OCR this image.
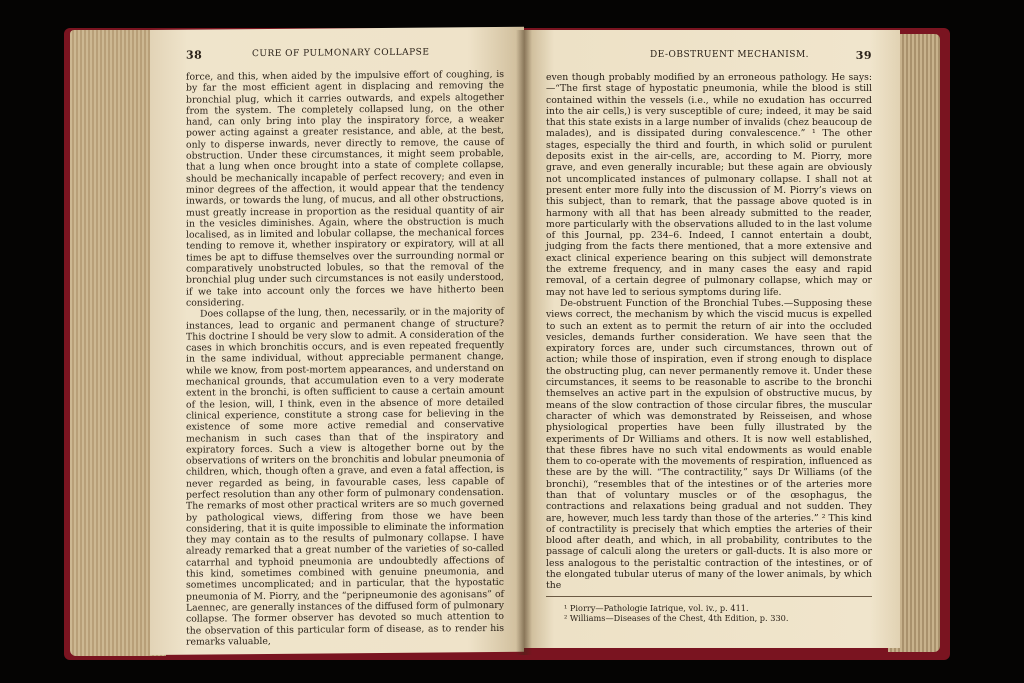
38	CURE OF PULMONARY COLLAPSE

force, and this, when aided by the impulsive effort of coughing, is by far the most efficient agent in displacing and removing the bronchial plug, which it carries outwards, and expels altogether from the system. The completely collapsed lung, on the other hand, can only bring into play the inspiratory force, a weaker power acting against a greater resistance, and able, at the best, only to disperse inwards, never directly to remove, the cause of obstruction. Under these circumstances, it might seem probable, that a lung when once brought into a state of complete collapse, should be mechanically incapable of perfect recovery; and even in minor degrees of the affection, it would appear that the tendency inwards, or towards the lung, of mucus, and all other obstructions, must greatly increase in proportion as the residual quantity of air in the vesicles diminishes. Again, where the obstruction is much localised, as in limited and lobular collapse, the mechanical forces tending to remove it, whether inspiratory or expiratory, will at all times be apt to diffuse themselves over the surrounding normal or comparatively unobstructed lobules, so that the removal of the bronchial plug under such circumstances is not easily understood, if we take into account only the forces we have hitherto been considering.

Does collapse of the lung, then, necessarily, or in the majority of instances, lead to organic and permanent change of structure? This doctrine I should be very slow to admit. A consideration of the cases in which bronchitis occurs, and is even repeated frequently in the same individual, without appreciable permanent change, while we know, from post-mortem appearances, and understand on mechanical grounds, that accumulation even to a very moderate extent in the bronchi, is often sufficient to cause a certain amount of the lesion, will, I think, even in the absence of more detailed clinical experience, constitute a strong case for believing in the existence of some more active remedial and conservative mechanism in such cases than that of the inspiratory and expiratory forces. Such a view is altogether borne out by the observations of writers on the bronchitis and lobular pneumonia of children, which, though often a grave, and even a fatal affection, is never regarded as being, in favourable cases, less capable of perfect resolution than any other form of pulmonary condensation. The remarks of most other practical writers are so much governed by pathological views, differing from those we have been considering, that it is quite impossible to eliminate the information they may contain as to the results of pulmonary collapse. I have already remarked that a great number of the varieties of so-called catarrhal and typhoid pneumonia are undoubtedly affections of this kind, sometimes combined with genuine pneumonia, and sometimes uncomplicated; and in particular, that the hypostatic pneumonia of M. Piorry, and the “peripneumonie des agonisans” of Laennec, are generally instances of the diffused form of pulmonary collapse. The former observer has devoted so much attention to the observation of this particular form of disease, as to render his remarks valuable,

DE-OBSTRUENT MECHANISM.	39

even though probably modified by an erroneous pathology. He says:—“The first stage of hypostatic pneumonia, while the blood is still contained within the vessels (i.e., while no exudation has occurred into the air cells,) is very susceptible of cure; indeed, it may be said that this state exists in a large number of invalids (chez beaucoup de malades), and is dissipated during convalescence.” ¹ The other stages, especially the third and fourth, in which solid or purulent deposits exist in the air-cells, are, according to M. Piorry, more grave, and even generally incurable; but these again are obviously not uncomplicated instances of pulmonary collapse. I shall not at present enter more fully into the discussion of M. Piorry’s views on this subject, than to remark, that the passage above quoted is in harmony with all that has been already submitted to the reader, more particularly with the observations alluded to in the last volume of this Journal, pp. 234–6. Indeed, I cannot entertain a doubt, judging from the facts there mentioned, that a more extensive and exact clinical experience bearing on this subject will demonstrate the extreme frequency, and in many cases the easy and rapid removal, of a certain degree of pulmonary collapse, which may or may not have led to serious symptoms during life.

De-obstruent Function of the Bronchial Tubes.—Supposing these views correct, the mechanism by which the viscid mucus is expelled to such an extent as to permit the return of air into the occluded vesicles, demands further consideration. We have seen that the expiratory forces are, under such circumstances, thrown out of action; while those of inspiration, even if strong enough to displace the obstructing plug, can never permanently remove it. Under these circumstances, it seems to be reasonable to ascribe to the bronchi themselves an active part in the expulsion of obstructive mucus, by means of the slow contraction of those circular fibres, the muscular character of which was demonstrated by Reisseisen, and whose physiological properties have been fully illustrated by the experiments of Dr Williams and others. It is now well established, that these fibres have no such vital endowments as would enable them to co-operate with the movements of respiration, influenced as these are by the will. “The contractility,” says Dr Williams (of the bronchi), “resembles that of the intestines or of the arteries more than that of voluntary muscles or of the œsophagus, the contractions and relaxations being gradual and not sudden. They are, however, much less tardy than those of the arteries.” ² This kind of contractility is precisely that which empties the arteries of their blood after death, and which, in all probability, contributes to the passage of calculi along the ureters or gall-ducts. It is also more or less analogous to the peristaltic contraction of the intestines, or of the elongated tubular uterus of many of the lower animals, by which the

¹ Piorry—Pathologie Iatrique, vol. iv., p. 411.
² Williams—Diseases of the Chest, 4th Edition, p. 330.
